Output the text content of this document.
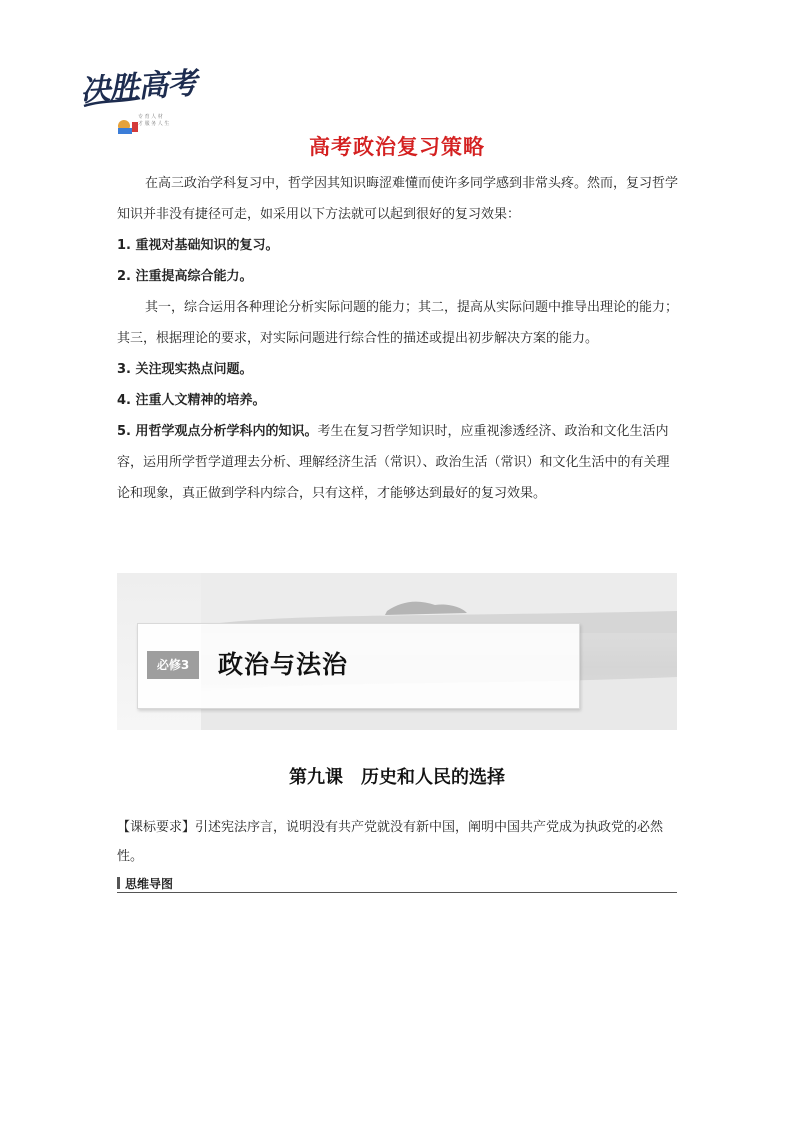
决胜高考
专 育 人 材
才 服 务 人 生
高考政治复习策略

在高三政治学科复习中，哲学因其知识晦涩难懂而使许多同学感到非常头疼。然而，复习哲学知识并非没有捷径可走，如采用以下方法就可以起到很好的复习效果：

1. 重视对基础知识的复习。

2. 注重提高综合能力。

其一，综合运用各种理论分析实际问题的能力；其二，提高从实际问题中推导出理论的能力；其三，根据理论的要求，对实际问题进行综合性的描述或提出初步解决方案的能力。

3. 关注现实热点问题。

4. 注重人文精神的培养。

5. 用哲学观点分析学科内的知识。考生在复习哲学知识时，应重视渗透经济、政治和文化生活内容，运用所学哲学道理去分析、理解经济生活（常识）、政治生活（常识）和文化生活中的有关理论和现象，真正做到学科内综合，只有这样，才能够达到最好的复习效果。

必修3	政治与法治
第九课　历史和人民的选择
【课标要求】引述宪法序言，说明没有共产党就没有新中国，阐明中国共产党成为执政党的必然性。
思维导图
